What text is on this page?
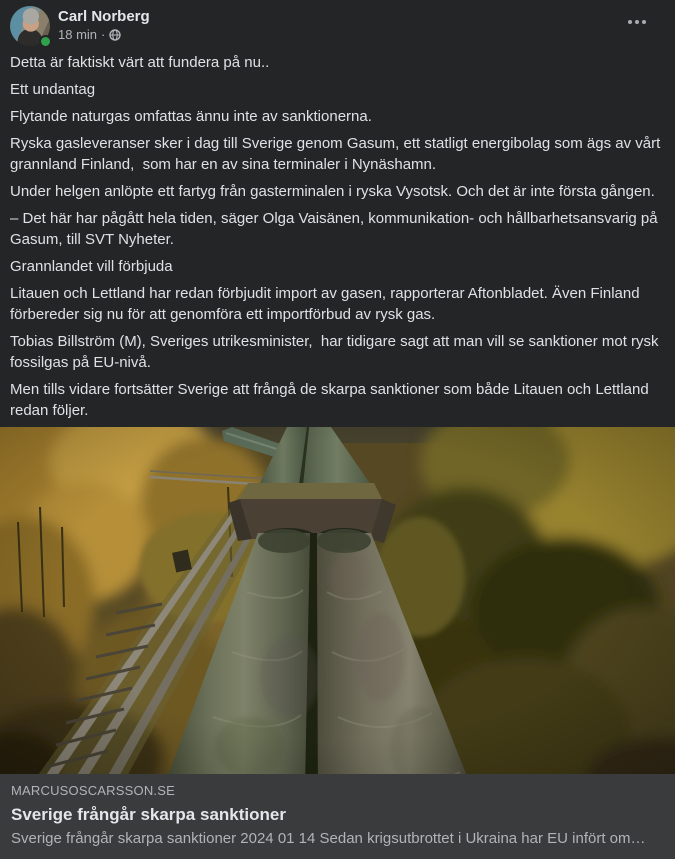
Carl Norberg
18 min ·

Detta är faktiskt värt att fundera på nu..

Ett undantag

Flytande naturgas omfattas ännu inte av sanktionerna.

Ryska gasleveranser sker i dag till Sverige genom Gasum, ett statligt energibolag som ägs av vårt grannland Finland,  som har en av sina terminaler i Nynäshamn.

Under helgen anlöpte ett fartyg från gasterminalen i ryska Vysotsk. Och det är inte första gången.

– Det här har pågått hela tiden, säger Olga Vaisänen, kommunikation- och hållbarhetsansvarig på Gasum, till SVT Nyheter.

Grannlandet vill förbjuda

Litauen och Lettland har redan förbjudit import av gasen, rapporterar Aftonbladet. Även Finland förbereder sig nu för att genomföra ett importförbud av rysk gas.

Tobias Billström (M), Sveriges utrikesminister,  har tidigare sagt att man vill se sanktioner mot rysk fossilgas på EU-nivå.

Men tills vidare fortsätter Sverige att frångå de skarpa sanktioner som både Litauen och Lettland redan följer.

MARCUSOSCARSSON.SE
Sverige frångår skarpa sanktioner
Sverige frångår skarpa sanktioner 2024 01 14 Sedan krigsutbrottet i Ukraina har EU infört om…
